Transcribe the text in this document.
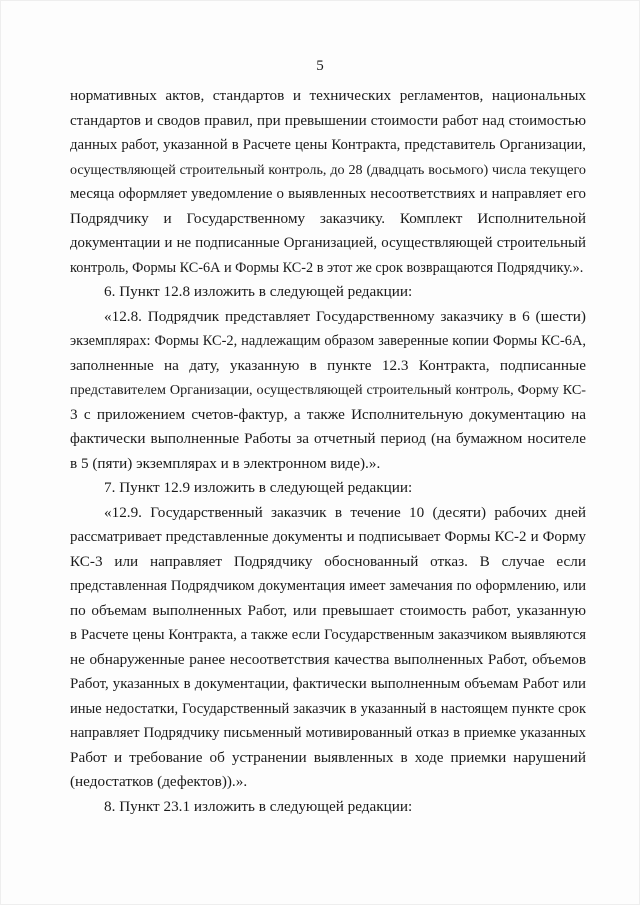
5
нормативных актов, стандартов и технических регламентов, национальных
стандартов и сводов правил, при превышении стоимости работ над стоимостью
данных работ, указанной в Расчете цены Контракта, представитель Организации,
осуществляющей строительный контроль, до 28 (двадцать восьмого) числа текущего
месяца оформляет уведомление о выявленных несоответствиях и направляет его
Подрядчику и Государственному заказчику. Комплект Исполнительной
документации и не подписанные Организацией, осуществляющей строительный
контроль, Формы КС-6А и Формы КС-2 в этот же срок возвращаются Подрядчику.».
6. Пункт 12.8 изложить в следующей редакции:
«12.8. Подрядчик представляет Государственному заказчику в 6 (шести)
экземплярах: Формы КС-2, надлежащим образом заверенные копии Формы КС-6А,
заполненные на дату, указанную в пункте 12.3 Контракта, подписанные
представителем Организации, осуществляющей строительный контроль, Форму КС-
3 с приложением счетов-фактур, а также Исполнительную документацию на
фактически выполненные Работы за отчетный период (на бумажном носителе
в 5 (пяти) экземплярах и в электронном виде).».
7. Пункт 12.9 изложить в следующей редакции:
«12.9. Государственный заказчик в течение 10 (десяти) рабочих дней
рассматривает представленные документы и подписывает Формы КС-2 и Форму
КС-3 или направляет Подрядчику обоснованный отказ. В случае если
представленная Подрядчиком документация имеет замечания по оформлению, или
по объемам выполненных Работ, или превышает стоимость работ, указанную
в Расчете цены Контракта, а также если Государственным заказчиком выявляются
не обнаруженные ранее несоответствия качества выполненных Работ, объемов
Работ, указанных в документации, фактически выполненным объемам Работ или
иные недостатки, Государственный заказчик в указанный в настоящем пункте срок
направляет Подрядчику письменный мотивированный отказ в приемке указанных
Работ и требование об устранении выявленных в ходе приемки нарушений
(недостатков (дефектов)).».
8. Пункт 23.1 изложить в следующей редакции:
